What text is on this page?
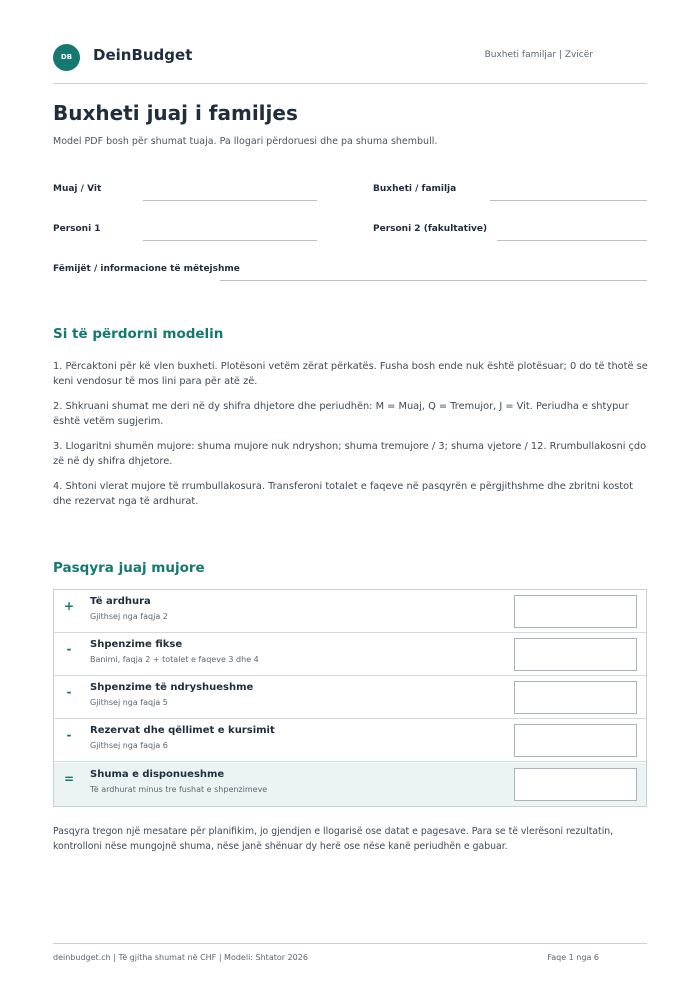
DB	DeinBudget	Buxheti familjar | Zvicër
Buxheti juaj i familjes
Model PDF bosh për shumat tuaja. Pa llogari përdoruesi dhe pa shuma shembull.
Muaj / Vit	Buxheti / familja
Personi 1	Personi 2 (fakultative)
Fëmijët / informacione të mëtejshme
Si të përdorni modelin
1. Përcaktoni për kë vlen buxheti. Plotësoni vetëm zërat përkatës. Fusha bosh ende nuk është plotësuar; 0 do të thotë se keni vendosur të mos lini para për atë zë.
2. Shkruani shumat me deri në dy shifra dhjetore dhe periudhën: M = Muaj, Q = Tremujor, J = Vit. Periudha e shtypur është vetëm sugjerim.
3. Llogaritni shumën mujore: shuma mujore nuk ndryshon; shuma tremujore / 3; shuma vjetore / 12. Rrumbullakosni çdo zë në dy shifra dhjetore.
4. Shtoni vlerat mujore të rrumbullakosura. Transferoni totalet e faqeve në pasqyrën e përgjithshme dhe zbritni kostot dhe rezervat nga të ardhurat.
Pasqyra juaj mujore
+ Të ardhura
Gjithsej nga faqja 2
-	Shpenzime fikse
Banimi, faqja 2 + totalet e faqeve 3 dhe 4
-	Shpenzime të ndryshueshme
Gjithsej nga faqja 5
-	Rezervat dhe qëllimet e kursimit
Gjithsej nga faqja 6
= Shuma e disponueshme
Të ardhurat minus tre fushat e shpenzimeve
Pasqyra tregon një mesatare për planifikim, jo gjendjen e llogarisë ose datat e pagesave. Para se të vlerësoni rezultatin, kontrolloni nëse mungojnë shuma, nëse janë shënuar dy herë ose nëse kanë periudhën e gabuar.
deinbudget.ch | Të gjitha shumat në CHF | Modeli: Shtator 2026	Faqe 1 nga 6
